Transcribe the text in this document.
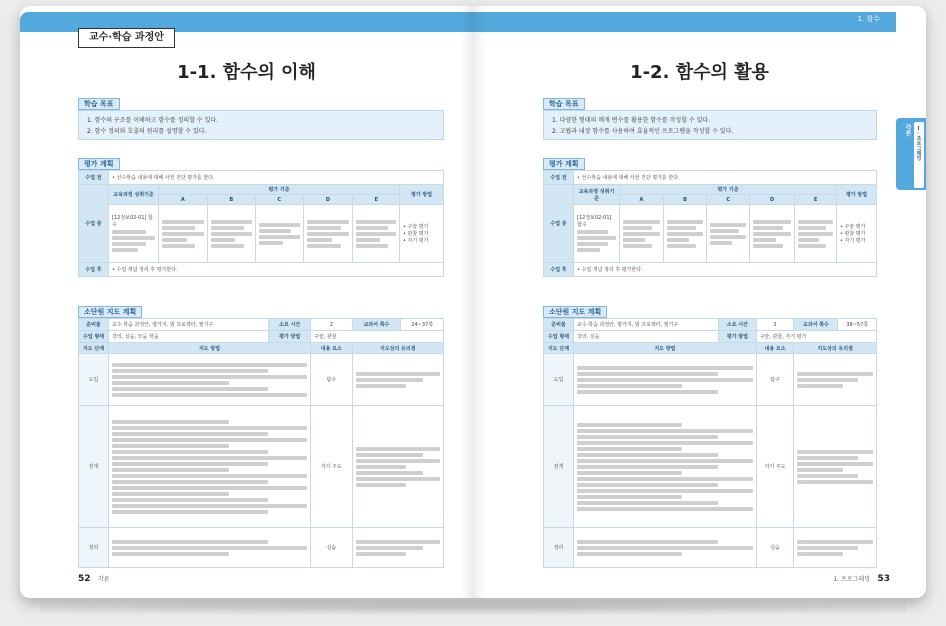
교수·학습 과정안
1-1. 함수의 이해
학습 목표
1. 함수의 구조를 이해하고 함수를 정의할 수 있다.
2. 함수 정의와 호출의 원리를 설명할 수 있다.
평가 계획
수업 전	• 선수학습 내용에 대해 사전 진단 평가를 한다.						
수업 중	교육과정 성취기준	평가 기준					평가 방법
		A	B	C	D	E	
	[12정보02-01] 함수						• 구술 평가
• 관찰 평가
• 자기 평가

수업 후	• 수업 개념 정리 후 평가한다.						
소단원 지도 계획
준비물	교수·학습 과정안, 평가지, 빔 프로젝터, 필기구	소요 시간	2	교과서 쪽수	24~37쪽
수업 형태	강의, 실습, 모둠 학습	평가 방법	구술, 관찰		
지도 단계	지도 방법		내용 요소	지도상의 유의점	
도입			탐구		

전개			자기 주도		

정리			실습		
52 각론
1. 함수
1-2. 함수의 활용
학습 목표
1. 다양한 형태의 매개 변수를 활용한 함수를 작성할 수 있다.
2. 고립과 내장 함수를 사용하여 효율적인 프로그램을 작성할 수 있다.
평가 계획
수업 전	• 선수학습 내용에 대해 사전 진단 평가를 한다.						
수업 중	교육과정 성취기준	평가 기준					평가 방법
		A	B	C	D	E	
	[12정보02-01] 함수						• 구술 평가
• 관찰 평가
• 자기 평가

수업 후	• 수업 개념 정리 후 평가한다.						
소단원 지도 계획
준비물	교수·학습 과정안, 평가지, 빔 프로젝터, 필기구	소요 시간	3	교과서 쪽수	38~57쪽
수업 형태	강의, 실습	평가 방법	구술, 관찰, 자기 평가		
지도 단계	지도 방법		내용 요소	지도상의 유의점	
도입			탐구		

전개			자기 주도		

정리			실습		
1. 프로그래밍 53
각론 Ⅰ. 프로그래밍
